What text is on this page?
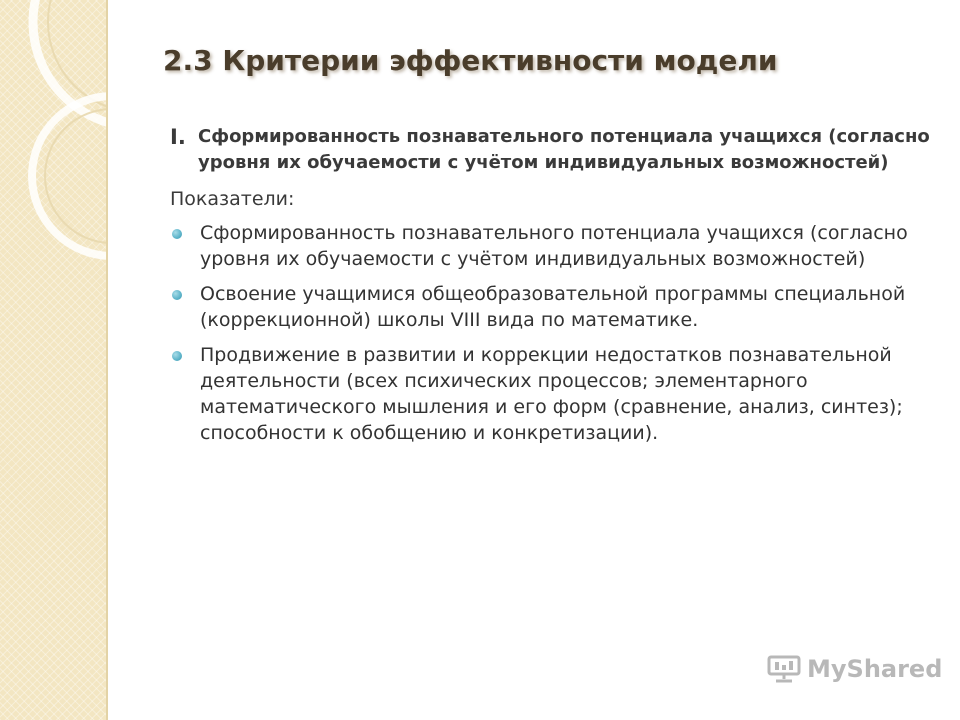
2.3 Критерии эффективности модели
I. Сформированность познавательного потенциала учащихся (согласно уровня их обучаемости с учётом индивидуальных возможностей)
Показатели:
Сформированность познавательного потенциала учащихся (согласно уровня их обучаемости с учётом индивидуальных возможностей)
Освоение учащимися общеобразовательной программы специальной (коррекционной) школы VIII вида по математике.
Продвижение в развитии и коррекции недостатков познавательной деятельности (всех психических процессов; элементарного математического мышления и его форм (сравнение, анализ, синтез); способности к обобщению и конкретизации).
MyShared
